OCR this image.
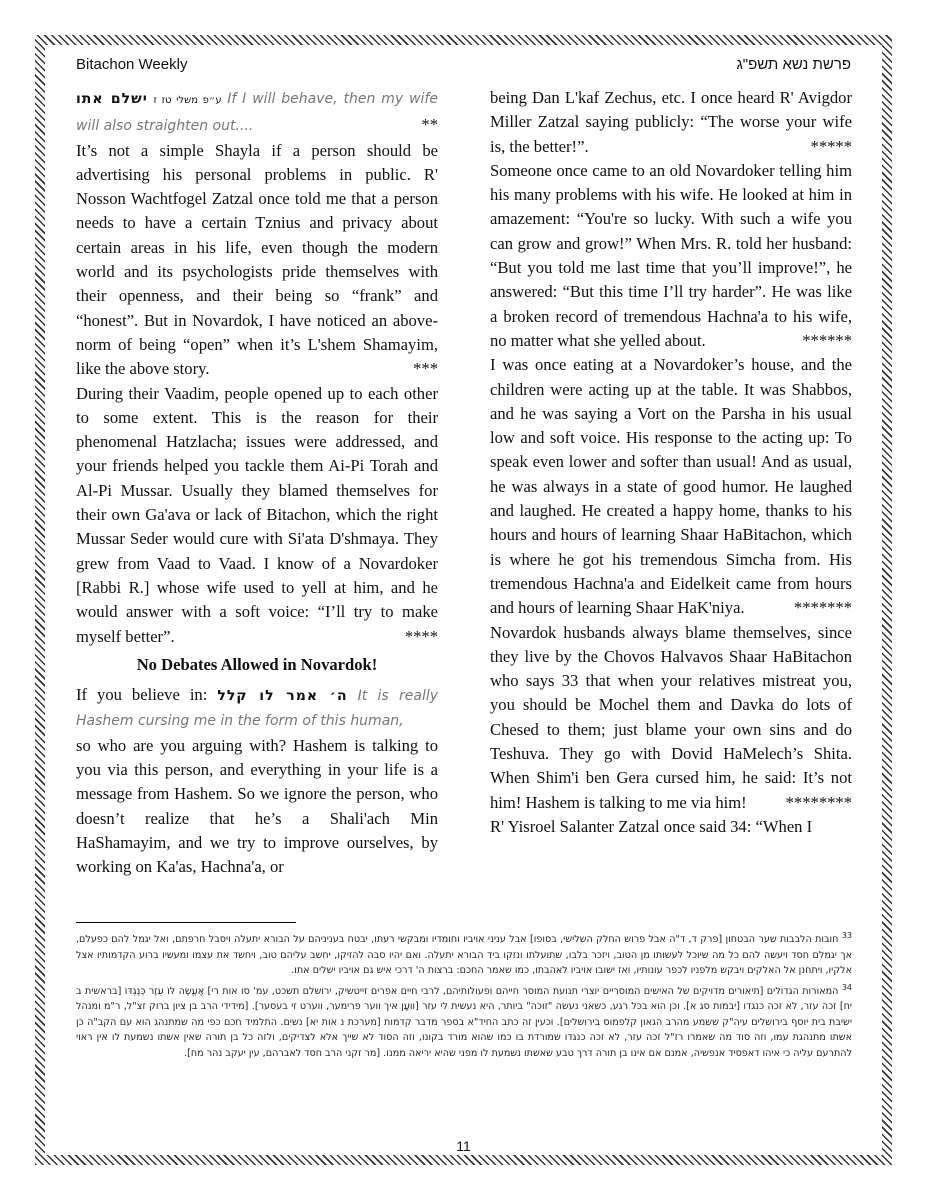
Bitachon Weekly	פרשת נשא תשפ"ג

ע״פ משלי טז ז ישלם אתו	If I will behave, then my wife will also straighten out....	**

It’s not a simple Shayla if a person should be advertising his personal problems in public. R' Nosson Wachtfogel Zatzal once told me that a person needs to have a certain Tznius and privacy about certain areas in his life, even though the modern world and its psychologists pride themselves with their openness, and their being so “frank” and “honest”. But in Novardok, I have noticed an above-norm of being “open” when it’s L'shem Shamayim, like the above story.	***

During their Vaadim, people opened up to each other to some extent. This is the reason for their phenomenal Hatzlacha; issues were addressed, and your friends helped you tackle them Ai-Pi Torah and Al-Pi Mussar. Usually they blamed themselves for their own Ga'ava or lack of Bitachon, which the right Mussar Seder would cure with Si'ata D'shmaya. They grew from Vaad to Vaad. I know of a Novardoker [Rabbi R.] whose wife used to yell at him, and he would answer with a soft voice: “I’ll try to make myself better”.	****

No Debates Allowed in Novardok!

If you believe in: ה׳ אמר לו קלל It is really Hashem cursing me in the form of this human,

so who are you arguing with? Hashem is talking to you via this person, and everything in your life is a message from Hashem. So we ignore the person, who doesn’t realize that he’s a Shali'ach Min HaShamayim, and we try to improve ourselves, by working on Ka'as, Hachna'a, or

being Dan L'kaf Zechus, etc. I once heard R' Avigdor Miller Zatzal saying publicly: “The worse your wife is, the better!”.	*****

Someone once came to an old Novardoker telling him his many problems with his wife. He looked at him in amazement: “You're so lucky. With such a wife you can grow and grow!” When Mrs. R. told her husband: “But you told me last time that you’ll improve!”, he answered: “But this time I’ll try harder”. He was like a broken record of tremendous Hachna'a to his wife, no matter what she yelled about.	******

I was once eating at a Novardoker’s house, and the children were acting up at the table. It was Shabbos, and he was saying a Vort on the Parsha in his usual low and soft voice. His response to the acting up: To speak even lower and softer than usual! And as usual, he was always in a state of good humor. He laughed and laughed. He created a happy home, thanks to his hours and hours of learning Shaar HaBitachon, which is where he got his tremendous Simcha from. His tremendous Hachna'a and Eidelkeit came from hours and hours of learning Shaar HaK'niya.	*******

Novardok husbands always blame themselves, since they live by the Chovos Halvavos Shaar HaBitachon who says 33 that when your relatives mistreat you, you should be Mochel them and Davka do lots of Chesed to them; just blame your own sins and do Teshuva. They go with Dovid HaMelech’s Shita. When Shim'i ben Gera cursed him, he said: It’s not him! Hashem is talking to me via him! ********

R' Yisroel Salanter Zatzal once said 34: “When I

$^{33}$ חובות הלבבות שער הבטחון [פרק ד, ד"ה אבל פרוש החלק השלישי, בסופו] אבל עניני אויביו וחומדיו ומבקשי רעתו, יבטח בעניניהם על הבורא יתעלה ויסבל חרפתם, ואל יגמל להם כפעלם, אך יגמלם חסד ויעשה להם כל מה שיוכל לעשותו מן הטוב, ויזכר בלבו, שתועלתו ונזקו ביד הבורא יתעלה. ואם יהיו סבה להזיקו, יחשב עליהם טוב, ויחשד את עצמו ומעשיו ברוע הקדמותיו אצל אלקיו, ויתחנן אל האלקים ויבקש מלפניו לכפר עונותיו, ואז ישובו אויביו לאהבתו, כמו שאמר החכם: ברצות ה' דרכי איש גם אויביו ישלים אתו.

$^{34}$ המאורות הגדולים [תיאורים מדויקים של האישים המוסריים יוצרי תנועת המוסר חייהם ופעולותיהם, לרבי חיים אפרים זייטשיק, ירושלם תשכט, עמ' סו אות רי] אֶעֱשֶׂה לּוֹ עֵזֶר כְּנֶגְדּוֹ [בראשית ב יח] זכה עזר, לא זכה כנגדו [יבמות סג א]. וכן הוא בכל רגע, כשאני נעשה "זוכה" ביותר, היא נעשית לי עזר [וועָן איך ווער פרימער, ווערט זי בעסער]. [מידידי הרב בן ציון ברוק זצ"ל, ר"מ ומנהל ישיבת בית יוסף בירושלים עיה"ק ששמע מהרב הגאון קלפמוס בירושלים]. וכעין זה כתב החיד"א בספר מדבר קדמות [מערכת נ אות יא] נשים. התלמיד חכם כפי מה שמתנהג הוא עם הקב"ה כן אשתו מתנהגת עמו, וזה סוד מה שאמרו רז"ל זכה עזר, לא זכה כנגדו שמורדת בו כמו שהוא מורד בקונו, וזה הסוד לא שייך אלא לצדיקים, ולזה כל בן תורה שאין אשתו נשמעת לו אין ראוי להתרעם עליה כי איהו דאפסיד אנפשיה, אמנם אם אינו בן תורה דרך טבע שאשתו נשמעת לו מפני שהיא יריאה ממנו. [מר זקני הרב חסד לאברהם, עין יעקב נהר מח].

11
